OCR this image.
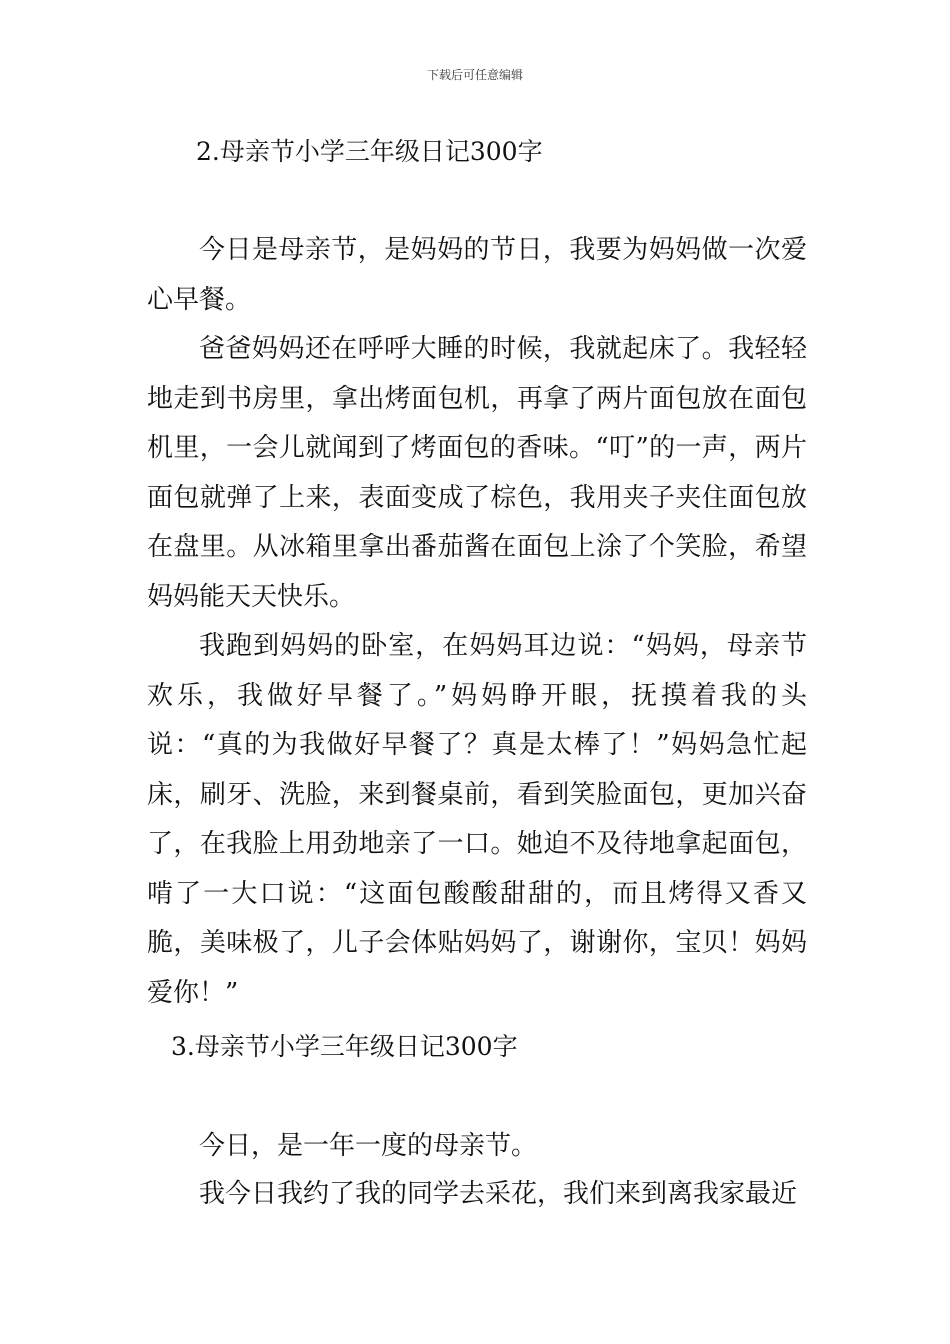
下载后可任意编辑
2.母亲节小学三年级日记300字

今日是母亲节，是妈妈的节日，我要为妈妈做一次爱心早餐。

爸爸妈妈还在呼呼大睡的时候，我就起床了。我轻轻地走到书房里，拿出烤面包机，再拿了两片面包放在面包机里，一会儿就闻到了烤面包的香味。“叮”的一声，两片面包就弹了上来，表面变成了棕色，我用夹子夹住面包放在盘里。从冰箱里拿出番茄酱在面包上涂了个笑脸，希望妈妈能天天快乐。

我跑到妈妈的卧室，在妈妈耳边说：“妈妈，母亲节欢乐，我做好早餐了。”妈妈睁开眼，抚摸着我的头说：“真的为我做好早餐了？真是太棒了！”妈妈急忙起床，刷牙、洗脸，来到餐桌前，看到笑脸面包，更加兴奋了，在我脸上用劲地亲了一口。她迫不及待地拿起面包，啃了一大口说：“这面包酸酸甜甜的，而且烤得又香又脆，美味极了，儿子会体贴妈妈了，谢谢你，宝贝！妈妈爱你！”

3.母亲节小学三年级日记300字

今日，是一年一度的母亲节。

我今日我约了我的同学去采花，我们来到离我家最近
